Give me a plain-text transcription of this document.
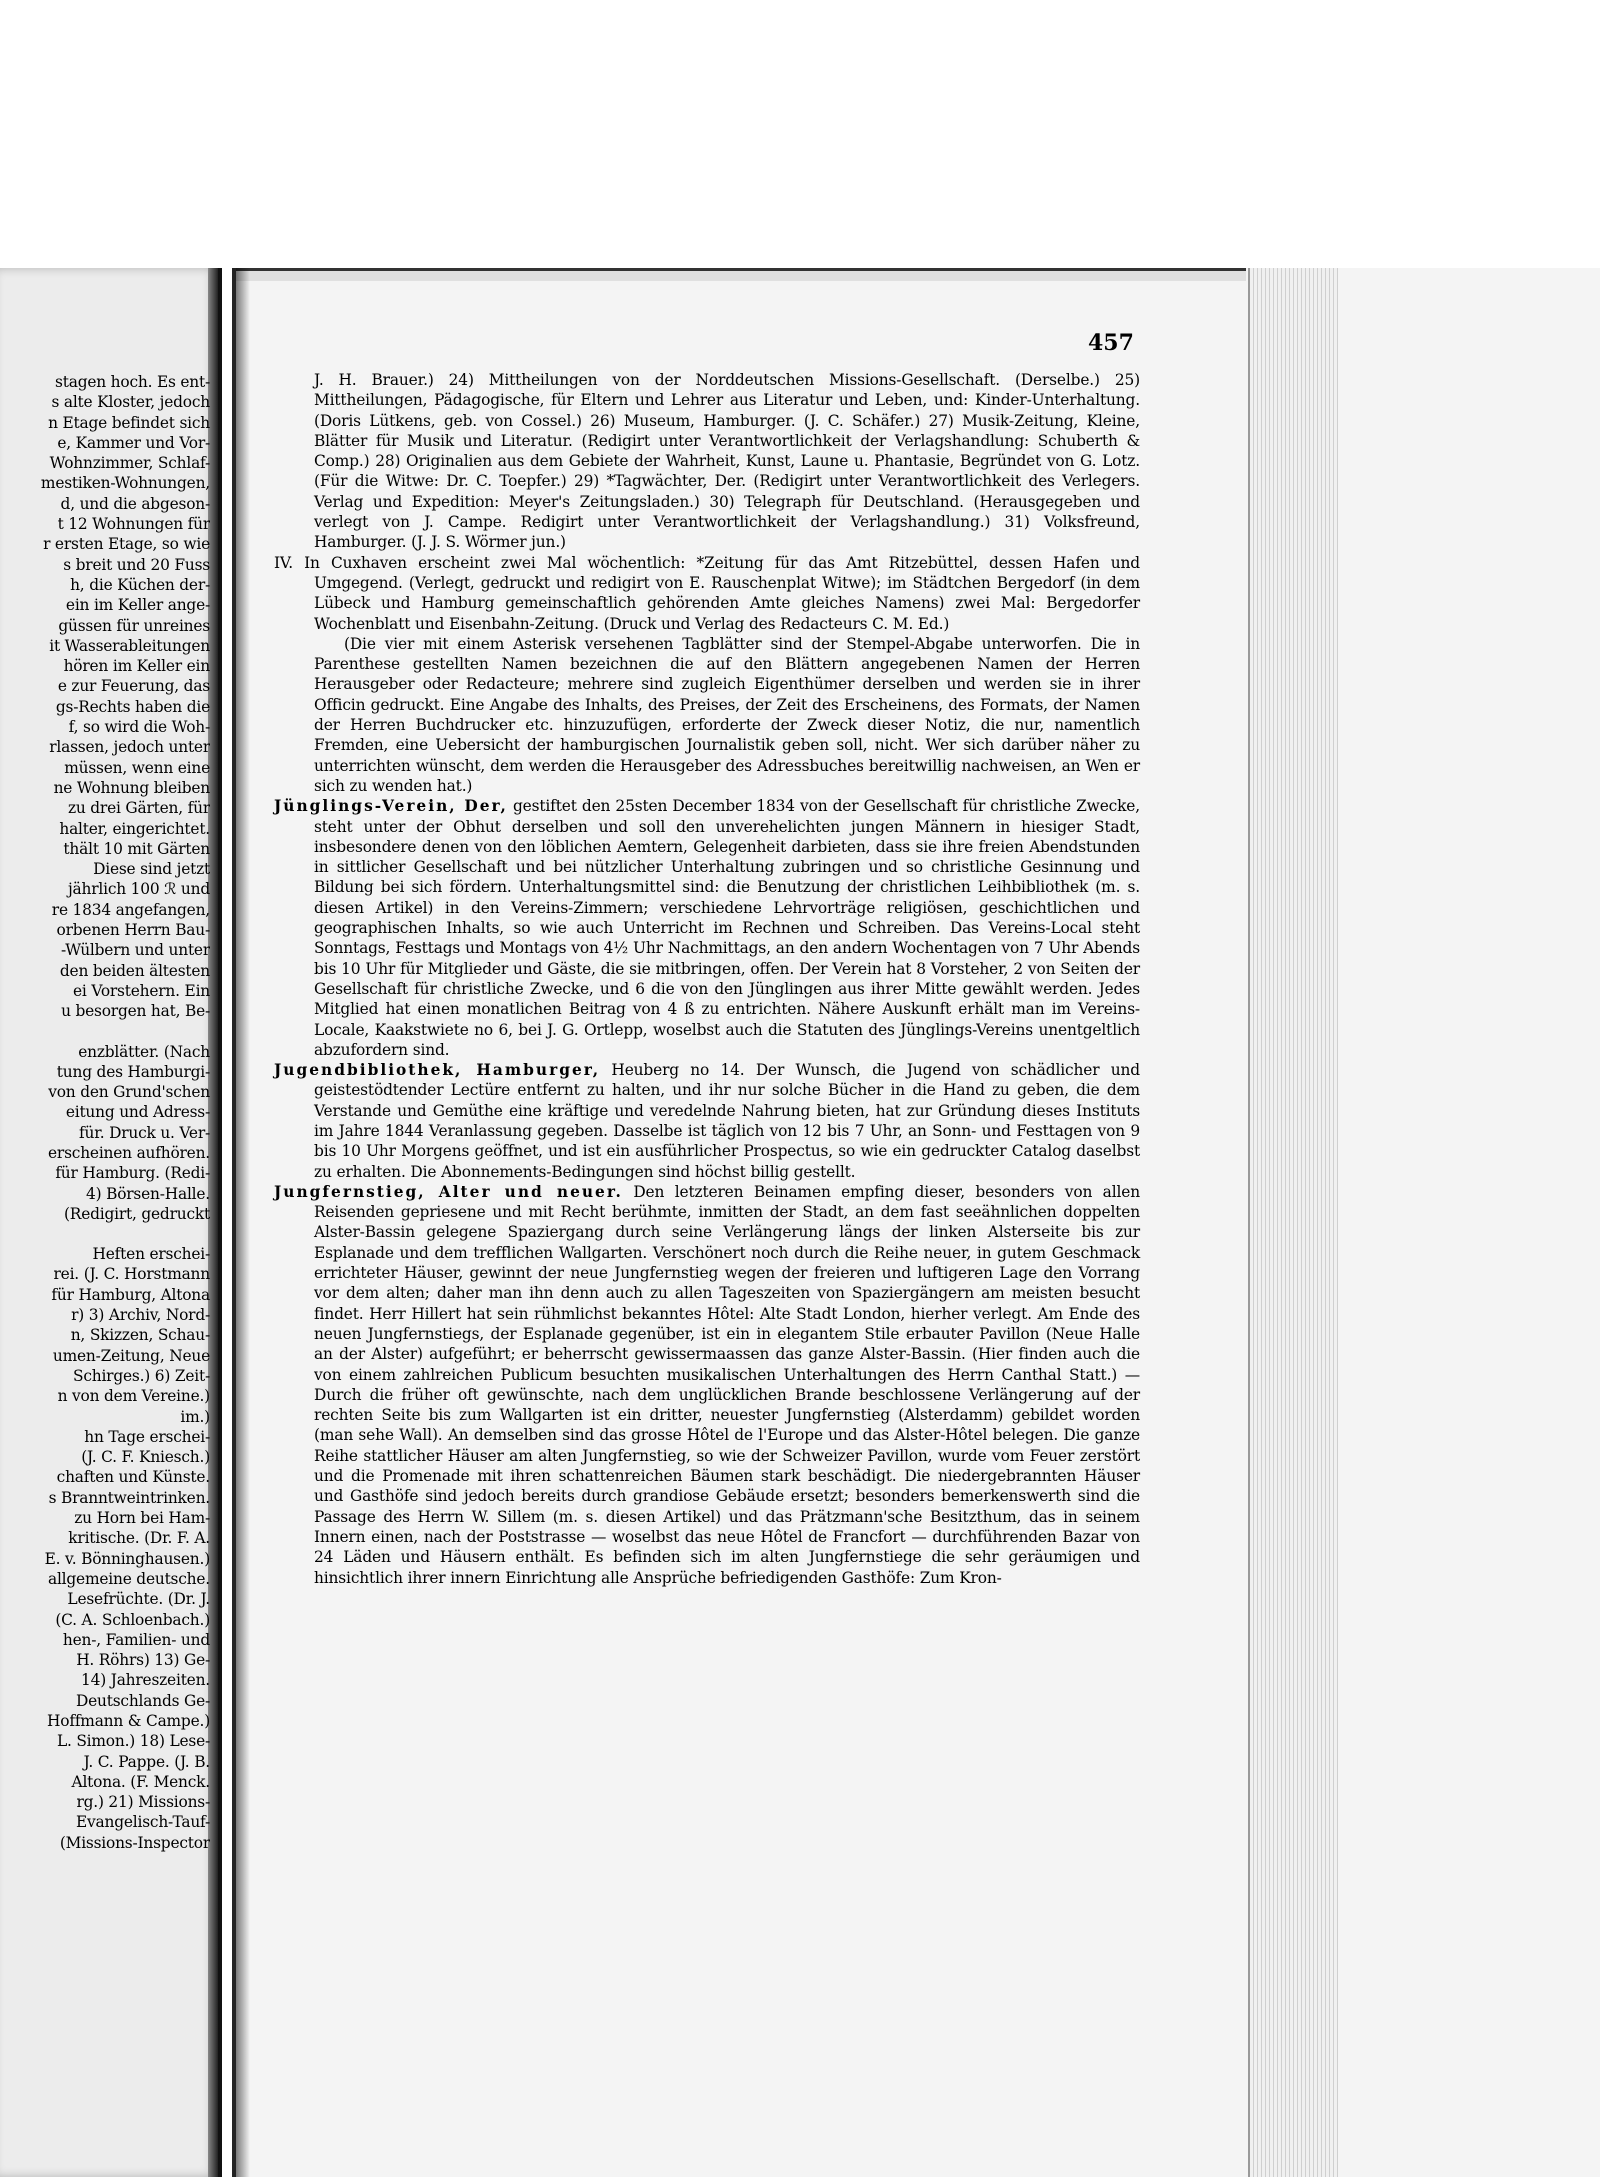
stagen hoch. Es ent-
s alte Kloster, jedoch
n Etage befindet sich
e, Kammer und Vor-
Wohnzimmer, Schlaf-
mestiken-Wohnungen,
d, und die abgeson-
t 12 Wohnungen für
r ersten Etage, so wie
s breit und 20 Fuss
h, die Küchen der-
ein im Keller ange-
güssen für unreines
it Wasserableitungen
hören im Keller ein
e zur Feuerung, das
gs-Rechts haben die
f, so wird die Woh-
rlassen, jedoch unter
müssen, wenn eine
ne Wohnung bleiben
zu drei Gärten, für
halter, eingerichtet.
thält 10 mit Gärten
Diese sind jetzt
jährlich 100 ℛ und
re 1834 angefangen,
orbenen Herrn Bau-
-Wülbern und unter
den beiden ältesten
ei Vorstehern. Ein
u besorgen hat, Be-
enzblätter. (Nach
tung des Hamburgi-
von den Grund'schen
eitung und Adress-
für. Druck u. Ver-
erscheinen aufhören.
für Hamburg. (Redi-
4) Börsen-Halle.
(Redigirt, gedruckt
Heften erschei-
rei. (J. C. Horstmann
für Hamburg, Altona
r) 3) Archiv, Nord-
n, Skizzen, Schau-
umen-Zeitung, Neue
Schirges.) 6) Zeit-
n von dem Vereine.)
im.)
hn Tage erschei-
(J. C. F. Kniesch.)
chaften und Künste.
s Branntweintrinken.
zu Horn bei Ham-
kritische. (Dr. F. A.
E. v. Bönninghausen.)
allgemeine deutsche.
Lesefrüchte. (Dr. J.
(C. A. Schloenbach.)
hen-, Familien- und
H. Röhrs) 13) Ge-
14) Jahreszeiten.
Deutschlands Ge-
Hoffmann & Campe.)
L. Simon.) 18) Lese-
J. C. Pappe. (J. B.
Altona. (F. Menck.
rg.) 21) Missions-
Evangelisch-Tauf-
(Missions-Inspector
457

J. H. Brauer.) 24) Mittheilungen von der Norddeutschen Missions-Gesellschaft. (Derselbe.) 25) Mittheilungen, Pädagogische, für Eltern und Lehrer aus Literatur und Leben, und: Kinder-Unterhaltung. (Doris Lütkens, geb. von Cossel.) 26) Museum, Hamburger. (J. C. Schäfer.) 27) Musik-Zeitung, Kleine, Blätter für Musik und Literatur. (Redigirt unter Verantwortlichkeit der Verlagshandlung: Schuberth & Comp.) 28) Originalien aus dem Gebiete der Wahrheit, Kunst, Laune u. Phantasie, Begründet von G. Lotz. (Für die Witwe: Dr. C. Toepfer.) 29) *Tagwächter, Der. (Redigirt unter Verantwortlichkeit des Verlegers. Verlag und Expedition: Meyer's Zeitungsladen.) 30) Telegraph für Deutschland. (Herausgegeben und verlegt von J. Campe. Redigirt unter Verantwortlichkeit der Verlagshandlung.) 31) Volksfreund, Hamburger. (J. J. S. Wörmer jun.)

IV. In Cuxhaven erscheint zwei Mal wöchentlich: *Zeitung für das Amt Ritzebüttel, dessen Hafen und Umgegend. (Verlegt, gedruckt und redigirt von E. Rauschenplat Witwe); im Städtchen Bergedorf (in dem Lübeck und Hamburg gemeinschaftlich gehörenden Amte gleiches Namens) zwei Mal: Bergedorfer Wochenblatt und Eisenbahn-Zeitung. (Druck und Verlag des Redacteurs C. M. Ed.)

(Die vier mit einem Asterisk versehenen Tagblätter sind der Stempel-Abgabe unterworfen. Die in Parenthese gestellten Namen bezeichnen die auf den Blättern angegebenen Namen der Herren Herausgeber oder Redacteure; mehrere sind zugleich Eigenthümer derselben und werden sie in ihrer Officin gedruckt. Eine Angabe des Inhalts, des Preises, der Zeit des Erscheinens, des Formats, der Namen der Herren Buchdrucker etc. hinzuzufügen, erforderte der Zweck dieser Notiz, die nur, namentlich Fremden, eine Uebersicht der hamburgischen Journalistik geben soll, nicht. Wer sich darüber näher zu unterrichten wünscht, dem werden die Herausgeber des Adressbuches bereitwillig nachweisen, an Wen er sich zu wenden hat.)

Jünglings-Verein, Der, gestiftet den 25sten December 1834 von der Gesellschaft für christliche Zwecke, steht unter der Obhut derselben und soll den unverehelichten jungen Männern in hiesiger Stadt, insbesondere denen von den löblichen Aemtern, Gelegenheit darbieten, dass sie ihre freien Abendstunden in sittlicher Gesellschaft und bei nützlicher Unterhaltung zubringen und so christliche Gesinnung und Bildung bei sich fördern. Unterhaltungsmittel sind: die Benutzung der christlichen Leihbibliothek (m. s. diesen Artikel) in den Vereins-Zimmern; verschiedene Lehrvorträge religiösen, geschichtlichen und geographischen Inhalts, so wie auch Unterricht im Rechnen und Schreiben. Das Vereins-Local steht Sonntags, Festtags und Montags von 4½ Uhr Nachmittags, an den andern Wochentagen von 7 Uhr Abends bis 10 Uhr für Mitglieder und Gäste, die sie mitbringen, offen. Der Verein hat 8 Vorsteher, 2 von Seiten der Gesellschaft für christliche Zwecke, und 6 die von den Jünglingen aus ihrer Mitte gewählt werden. Jedes Mitglied hat einen monatlichen Beitrag von 4 ß zu entrichten. Nähere Auskunft erhält man im Vereins-Locale, Kaakstwiete no 6, bei J. G. Ortlepp, woselbst auch die Statuten des Jünglings-Vereins unentgeltlich abzufordern sind.

Jugendbibliothek, Hamburger, Heuberg no 14. Der Wunsch, die Jugend von schädlicher und geistestödtender Lectüre entfernt zu halten, und ihr nur solche Bücher in die Hand zu geben, die dem Verstande und Gemüthe eine kräftige und veredelnde Nahrung bieten, hat zur Gründung dieses Instituts im Jahre 1844 Veranlassung gegeben. Dasselbe ist täglich von 12 bis 7 Uhr, an Sonn- und Festtagen von 9 bis 10 Uhr Morgens geöffnet, und ist ein ausführlicher Prospectus, so wie ein gedruckter Catalog daselbst zu erhalten. Die Abonnements-Bedingungen sind höchst billig gestellt.

Jungfernstieg, Alter und neuer. Den letzteren Beinamen empfing dieser, besonders von allen Reisenden gepriesene und mit Recht berühmte, inmitten der Stadt, an dem fast seeähnlichen doppelten Alster-Bassin gelegene Spaziergang durch seine Verlängerung längs der linken Alsterseite bis zur Esplanade und dem trefflichen Wallgarten. Verschönert noch durch die Reihe neuer, in gutem Geschmack errichteter Häuser, gewinnt der neue Jungfernstieg wegen der freieren und luftigeren Lage den Vorrang vor dem alten; daher man ihn denn auch zu allen Tageszeiten von Spaziergängern am meisten besucht findet. Herr Hillert hat sein rühmlichst bekanntes Hôtel: Alte Stadt London, hierher verlegt. Am Ende des neuen Jungfernstiegs, der Esplanade gegenüber, ist ein in elegantem Stile erbauter Pavillon (Neue Halle an der Alster) aufgeführt; er beherrscht gewissermaassen das ganze Alster-Bassin. (Hier finden auch die von einem zahlreichen Publicum besuchten musikalischen Unterhaltungen des Herrn Canthal Statt.) — Durch die früher oft gewünschte, nach dem unglücklichen Brande beschlossene Verlängerung auf der rechten Seite bis zum Wallgarten ist ein dritter, neuester Jungfernstieg (Alsterdamm) gebildet worden (man sehe Wall). An demselben sind das grosse Hôtel de l'Europe und das Alster-Hôtel belegen. Die ganze Reihe stattlicher Häuser am alten Jungfernstieg, so wie der Schweizer Pavillon, wurde vom Feuer zerstört und die Promenade mit ihren schattenreichen Bäumen stark beschädigt. Die niedergebrannten Häuser und Gasthöfe sind jedoch bereits durch grandiose Gebäude ersetzt; besonders bemerkenswerth sind die Passage des Herrn W. Sillem (m. s. diesen Artikel) und das Prätzmann'sche Besitzthum, das in seinem Innern einen, nach der Poststrasse — woselbst das neue Hôtel de Francfort — durchführenden Bazar von 24 Läden und Häusern enthält. Es befinden sich im alten Jungfernstiege die sehr geräumigen und hinsichtlich ihrer innern Einrichtung alle Ansprüche befriedigenden Gasthöfe: Zum Kron-
